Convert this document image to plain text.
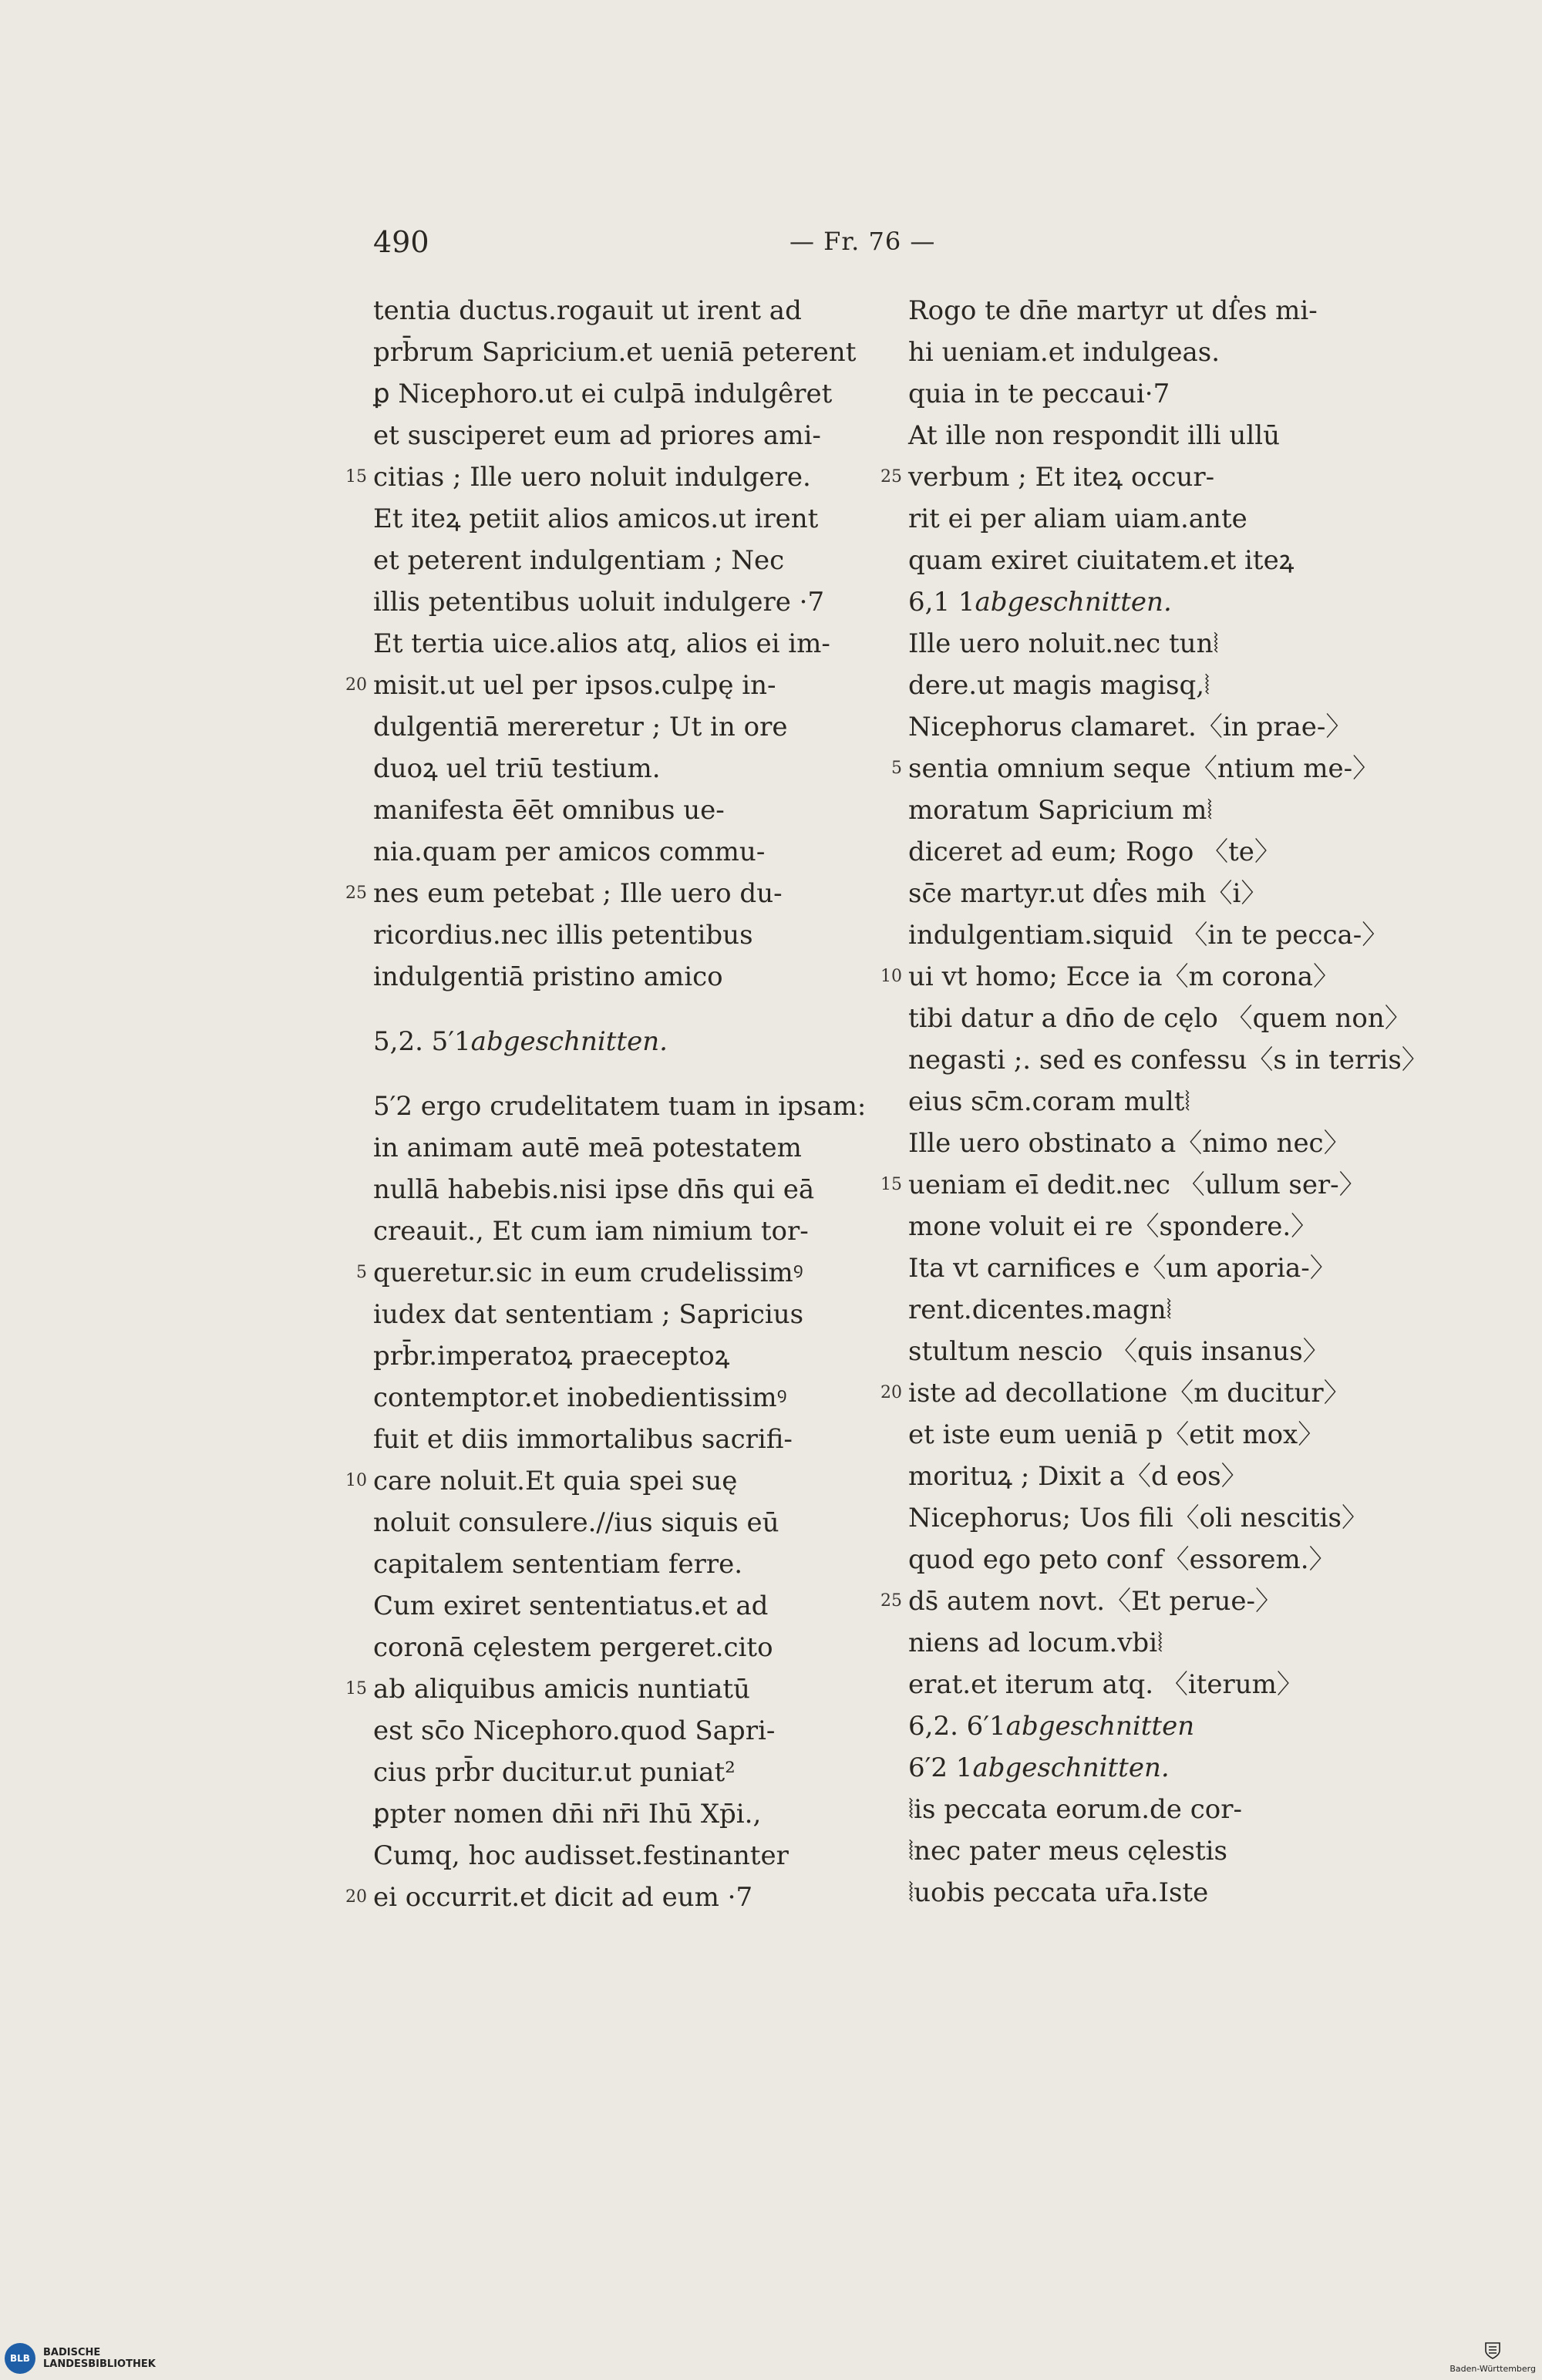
490	— Fr. 76 —
tentia ductus.rogauit ut irent ad
prb̄rum Sapricium.et ueniā peterent
ꝑ Nicephoro.ut ei culpā indulgêret
et susciperet eum ad priores ami-
15 citias ; Ille uero noluit indulgere.
Et iteꝝ petiit alios amicos.ut irent
et peterent indulgentiam ; Nec
illis petentibus uoluit indulgere ·7
Et tertia uice.alios atq, alios ei im-
20 misit.ut uel per ipsos.culpę in-
dulgentiā mereretur ; Ut in ore
duoꝝ uel triū testium.
manifesta ēēt omnibus ue-
nia.quam per amicos commu-
25 nes eum petebat ; Ille uero du-
ricordius.nec illis petentibus
indulgentiā pristino amico
5,2. 5′1abgeschnitten.
5′2 ergo crudelitatem tuam in ipsam:
in animam autē meā potestatem
nullā habebis.nisi ipse dn̄s qui eā
creauit., Et cum iam nimium tor-
5 queretur.sic in eum crudelissimꝰ
iudex dat sententiam ; Sapricius
prb̄r.imperatoꝝ praeceptoꝝ
contemptor.et inobedientissimꝰ
fuit et diis immortalibus sacrifi-
10 care noluit.Et quia spei suę
noluit consulere.//ius siquis eū
capitalem sententiam ferre.
Cum exiret sententiatus.et ad
coronā cęlestem pergeret.cito
15 ab aliquibus amicis nuntiatū
est sc̄o Nicephoro.quod Sapri-
cius prb̄r ducitur.ut puniat²
ꝑpter nomen dn̄i nr̄i Ihū Xp̄i.,
Cumq, hoc audisset.festinanter
20 ei occurrit.et dicit ad eum ·7
Rogo te dn̄e martyr ut dẛes mi-
hi ueniam.et indulgeas.
quia in te peccaui·7
At ille non respondit illi ullū
25 verbum ; Et iteꝝ occur-
rit ei per aliam uiam.ante
quam exiret ciuitatem.et iteꝝ
6,1 1abgeschnitten.
Ille uero noluit.nec tun⦚
dere.ut magis magisq,⦚
Nicephorus clamaret.〈in prae-〉
5 sentia omnium seque〈ntium me-〉
moratum Sapricium m⦚
diceret ad eum; Rogo 〈te〉
sc̄e martyr.ut dẛes mih〈i〉
indulgentiam.siquid 〈in te pecca-〉
10 ui vt homo; Ecce ia〈m corona〉
tibi datur a dn̄o de cęlo 〈quem non〉
negasti ;. sed es confessu〈s in terris〉
eius sc̄m.coram mult⦚
Ille uero obstinato a〈nimo nec〉
15 ueniam eī dedit.nec 〈ullum ser-〉
mone voluit ei re〈spondere.〉
Ita vt carnifices e〈um aporia-〉
rent.dicentes.magn⦚
stultum nescio 〈quis insanus〉
20 iste ad decollatione〈m ducitur〉
et iste eum ueniā p〈etit mox〉
morituꝝ ; Dixit a〈d eos〉
Nicephorus; Uos fili〈oli nescitis〉
quod ego peto conf〈essorem.〉
25 ds̄ autem novt.〈Et perue-〉
niens ad locum.vbi⦚
erat.et iterum atq. 〈iterum〉
6,2. 6′1abgeschnitten
6′2 1abgeschnitten.
⦚is peccata eorum.de cor-
⦚nec pater meus cęlestis
⦚uobis peccata ur̄a.Iste
BLB	BADISCHE
LANDESBIBLIOTHEK	Baden-Württemberg
